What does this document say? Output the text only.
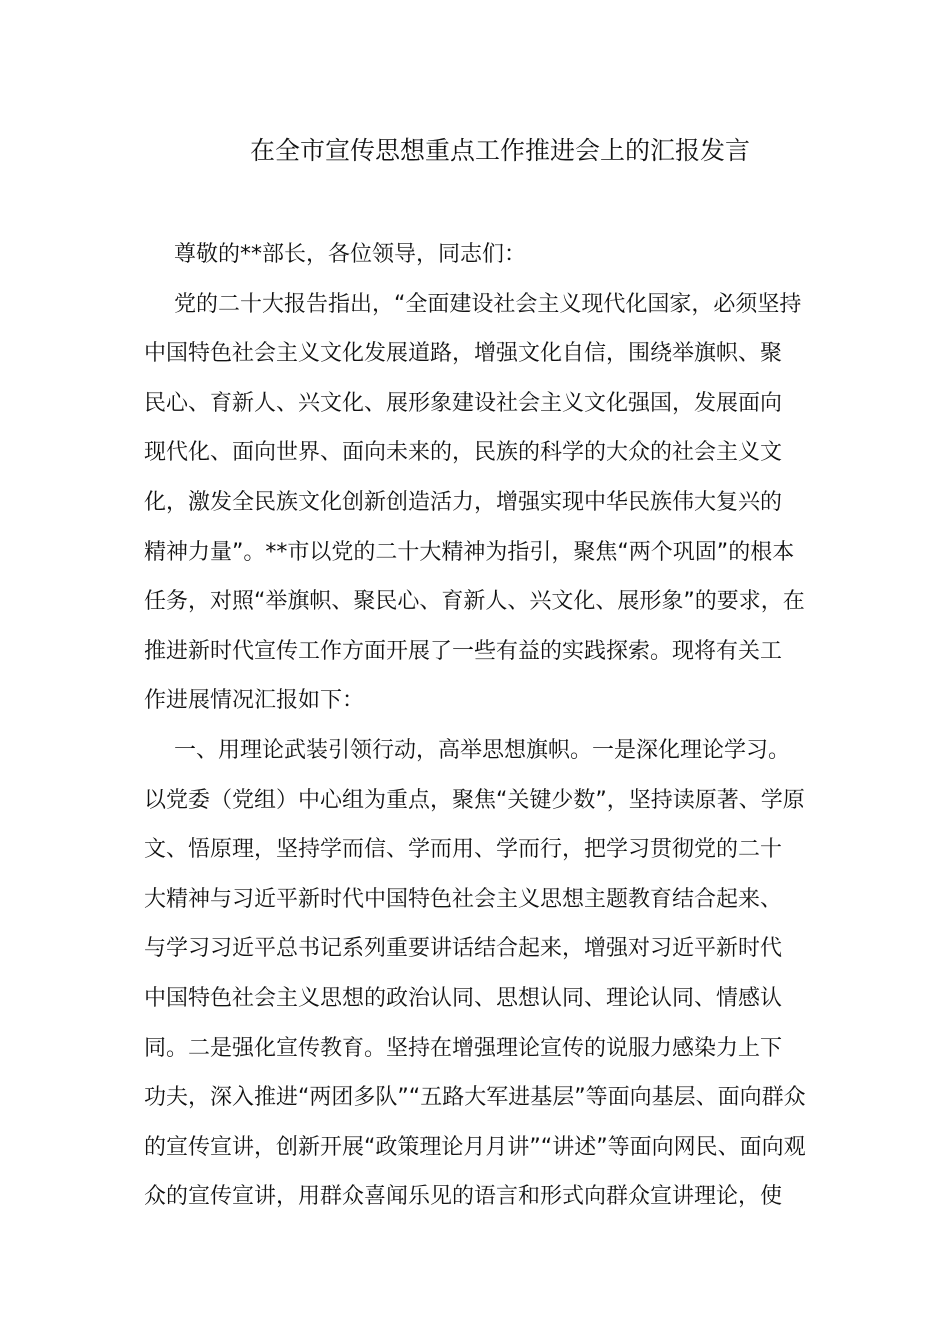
在全市宣传思想重点工作推进会上的汇报发言
尊敬的**部长，各位领导，同志们：
党的二十大报告指出，“全面建设社会主义现代化国家，必须坚持
中国特色社会主义文化发展道路，增强文化自信，围绕举旗帜、聚
民心、育新人、兴文化、展形象建设社会主义文化强国，发展面向
现代化、面向世界、面向未来的，民族的科学的大众的社会主义文
化，激发全民族文化创新创造活力，增强实现中华民族伟大复兴的
精神力量”。**市以党的二十大精神为指引，聚焦“两个巩固”的根本
任务，对照“举旗帜、聚民心、育新人、兴文化、展形象”的要求，在
推进新时代宣传工作方面开展了一些有益的实践探索。现将有关工
作进展情况汇报如下：
一、用理论武装引领行动，高举思想旗帜。一是深化理论学习。
以党委（党组）中心组为重点，聚焦“关键少数”，坚持读原著、学原
文、悟原理，坚持学而信、学而用、学而行，把学习贯彻党的二十
大精神与习近平新时代中国特色社会主义思想主题教育结合起来、
与学习习近平总书记系列重要讲话结合起来，增强对习近平新时代
中国特色社会主义思想的政治认同、思想认同、理论认同、情感认
同。二是强化宣传教育。坚持在增强理论宣传的说服力感染力上下
功夫，深入推进“两团多队”“五路大军进基层”等面向基层、面向群众
的宣传宣讲，创新开展“政策理论月月讲”“讲述”等面向网民、面向观
众的宣传宣讲，用群众喜闻乐见的语言和形式向群众宣讲理论，使
